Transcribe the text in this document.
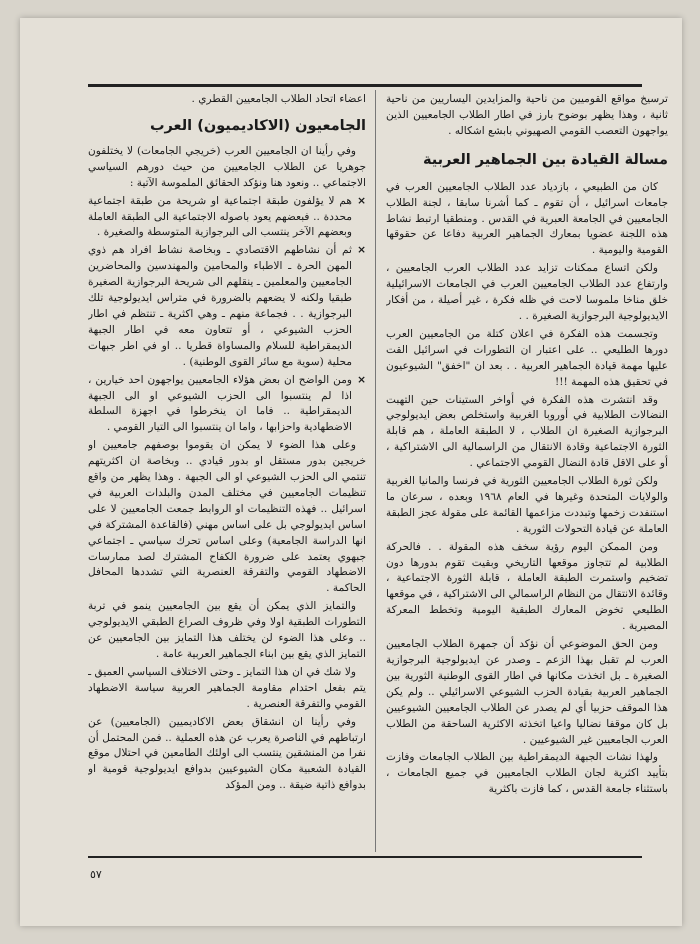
ترسيخ مواقع القوميين من ناحية والمزايدين اليساريين من ناحية ثانية ، وهذا يظهر بوضوح بارز في اطار الطلاب الجامعيين الذين يواجهون التعصب القومي الصهيوني بابشع اشكاله .

مسالة القيادة بين الجماهير العربية

كان من الطبيعي ، بازدياد عدد الطلاب الجامعيين العرب في جامعات اسرائيل ، أن تقوم ـ كما أشرنا سابقا ، لجنة الطلاب الجامعيين في الجامعة العبرية في القدس . ومنطقيا ارتبط نشاط هذه اللجنة عضويا بمعارك الجماهير العربية دفاعا عن حقوقها القومية واليومية .

ولكن اتساع ممكنات تزايد عدد الطلاب العرب الجامعيين ، وارتفاع عدد الطلاب الجامعيين العرب في الجامعات الاسرائيلية خلق مناخا ملموسا لاحت في ظله فكرة ، غير أصيلة ، من أفكار الايديولوجية البرجوازية الصغيرة . .

وتجسمت هذه الفكرة في اعلان كتلة من الجامعيين العرب دورها الطليعي .. على اعتبار ان التطورات في اسرائيل القت عليها مهمة قيادة الجماهير العربية . . بعد ان "اخفق" الشيوعيون في تحقيق هذه المهمة !!!

وقد انتشرت هذه الفكرة في أواخر الستينات حين التهبت النضالات الطلابية في أوروبا الغربية واستخلص بعض ايديولوجي البرجوازية الصغيرة ان الطلاب ، لا الطبقة العاملة ، هم قابلة الثورة الاجتماعية وقادة الانتقال من الراسمالية الى الاشتراكية ، أو على الاقل قادة النضال القومي الاجتماعي .

ولكن ثورة الطلاب الجامعيين الثورية في فرنسا والمانيا الغربية والولايات المتحدة وغيرها في العام ١٩٦٨ وبعده ، سرعان ما استنفدت زخمها وتبددت مزاعمها القائمة على مقولة عجز الطبقة العاملة عن قيادة التحولات الثورية .

ومن الممكن اليوم رؤية سخف هذه المقولة . . فالحركة الطلابية لم تتجاوز موقعها التاريخي وبقيت تقوم بدورها دون تضخيم واستمرت الطبقة العاملة ، قابلة الثورة الاجتماعية ، وقائدة الانتقال من النظام الراسمالي الى الاشتراكية ، في موقعها الطليعي تخوض المعارك الطبقية اليومية وتخطط المعركة المصيرية .

ومن الحق الموضوعي أن نؤكد أن جمهرة الطلاب الجامعيين العرب لم تقبل بهذا الزعم ـ وصدر عن ايديولوجية البرجوازية الصغيرة ـ بل اتخذت مكانها في اطار القوى الوطنية الثورية بين الجماهير العربية بقيادة الحزب الشيوعي الاسرائيلي .. ولم يكن هذا الموقف حزبيا أي لم يصدر عن الطلاب الجامعيين الشيوعيين بل كان موقفا نضاليا واعيا اتخذته الاكثرية الساحقة من الطلاب العرب الجامعيين غير الشيوعيين .

ولهذا نشات الجبهة الديمقراطية بين الطلاب الجامعات وفازت بتأييد اكثرية لجان الطلاب الجامعيين في جميع الجامعات ، باستثناء جامعة القدس ، كما فازت باكثرية

اعضاء اتحاد الطلاب الجامعيين القطري .

الجامعيون (الاكاديميون) العرب

وفي رأينا ان الجامعيين العرب (خريجي الجامعات) لا يختلفون جوهريا عن الطلاب الجامعيين من حيث دورهم السياسي الاجتماعي .. ونعود هنا ونؤكد الحقائق الملموسة الآتية :

×
هم لا يؤلفون طبقة اجتماعية او شريحة من طبقة اجتماعية محددة .. فبعضهم يعود باصوله الاجتماعية الى الطبقة العاملة وبعضهم الآخر ينتسب الى البرجوازية المتوسطة والصغيرة .
×
ثم أن نشاطهم الاقتصادي ـ وبخاصة نشاط افراد هم ذوي المهن الحرة ـ الاطباء والمحامين والمهندسين والمحاضرين الجامعيين والمعلمين ـ ينقلهم الى شريحة البرجوازية الصغيرة طبقيا ولكنه لا يضعهم بالضرورة في متراس ايديولوجية تلك البرجوازية . . فجماعة منهم ـ وهي اكثرية ـ تنتظم في اطار الحزب الشيوعي ، أو تتعاون معه في اطار الجبهة الديمقراطية للسلام والمساواة قطريا .. او في اطر جبهات محلية (سوية مع سائر القوى الوطنية) .
×
ومن الواضح ان بعض هؤلاء الجامعيين يواجهون احد خيارين ، اذا لم ينتسبوا الى الحزب الشيوعي او الى الجبهة الديمقراطية .. فاما ان ينخرطوا في اجهزة السلطة الاضطهادية واحزابها ، واما ان ينتسبوا الى التيار القومي .

وعلى هذا الضوء لا يمكن ان يقوموا بوصفهم جامعيين او خريجين بدور مستقل او بدور قيادي .. وبخاصة ان اكثريتهم تنتمي الى الحزب الشيوعي او الى الجبهة . وهذا يظهر من واقع تنظيمات الجامعيين في مختلف المدن والبلدات العربية في اسرائيل .. فهذه التنظيمات او الروابط جمعت الجامعيين لا على اساس ايديولوجي بل على اساس مهني (فالقاعدة المشتركة في انها الدراسة الجامعية) وعلى اساس تحرك سياسي ـ اجتماعي جبهوي يعتمد على ضرورة الكفاح المشترك لصد ممارسات الاضطهاد القومي والتفرقة العنصرية التي تشددها المحافل الحاكمة .

والتمايز الذي يمكن أن يقع بين الجامعيين ينمو في تربة التطورات الطبقية اولا وفي ظروف الصراع الطبقي الايديولوجي .. وعلى هذا الضوء لن يختلف هذا التمايز بين الجامعيين عن التمايز الذي يقع بين ابناء الجماهير العربية عامة .

ولا شك في ان هذا التمايز ـ وحتى الاختلاف السياسي العميق ـ يتم بفعل احتدام مقاومة الجماهير العربية سياسة الاضطهاد القومي والتفرقة العنصرية .

وفي رأينا ان انشقاق بعض الاكاديميين (الجامعيين) عن ارتباطهم في الناصرة يعرب عن هذه العملية .. فمن المحتمل أن نفرا من المنشقين ينتسب الى اولئك الطامعين في احتلال موقع القيادة الشعبية مكان الشيوعيين بدوافع ايديولوجية قومية او بدوافع ذاتية ضيقة .. ومن المؤكد

٥٧
